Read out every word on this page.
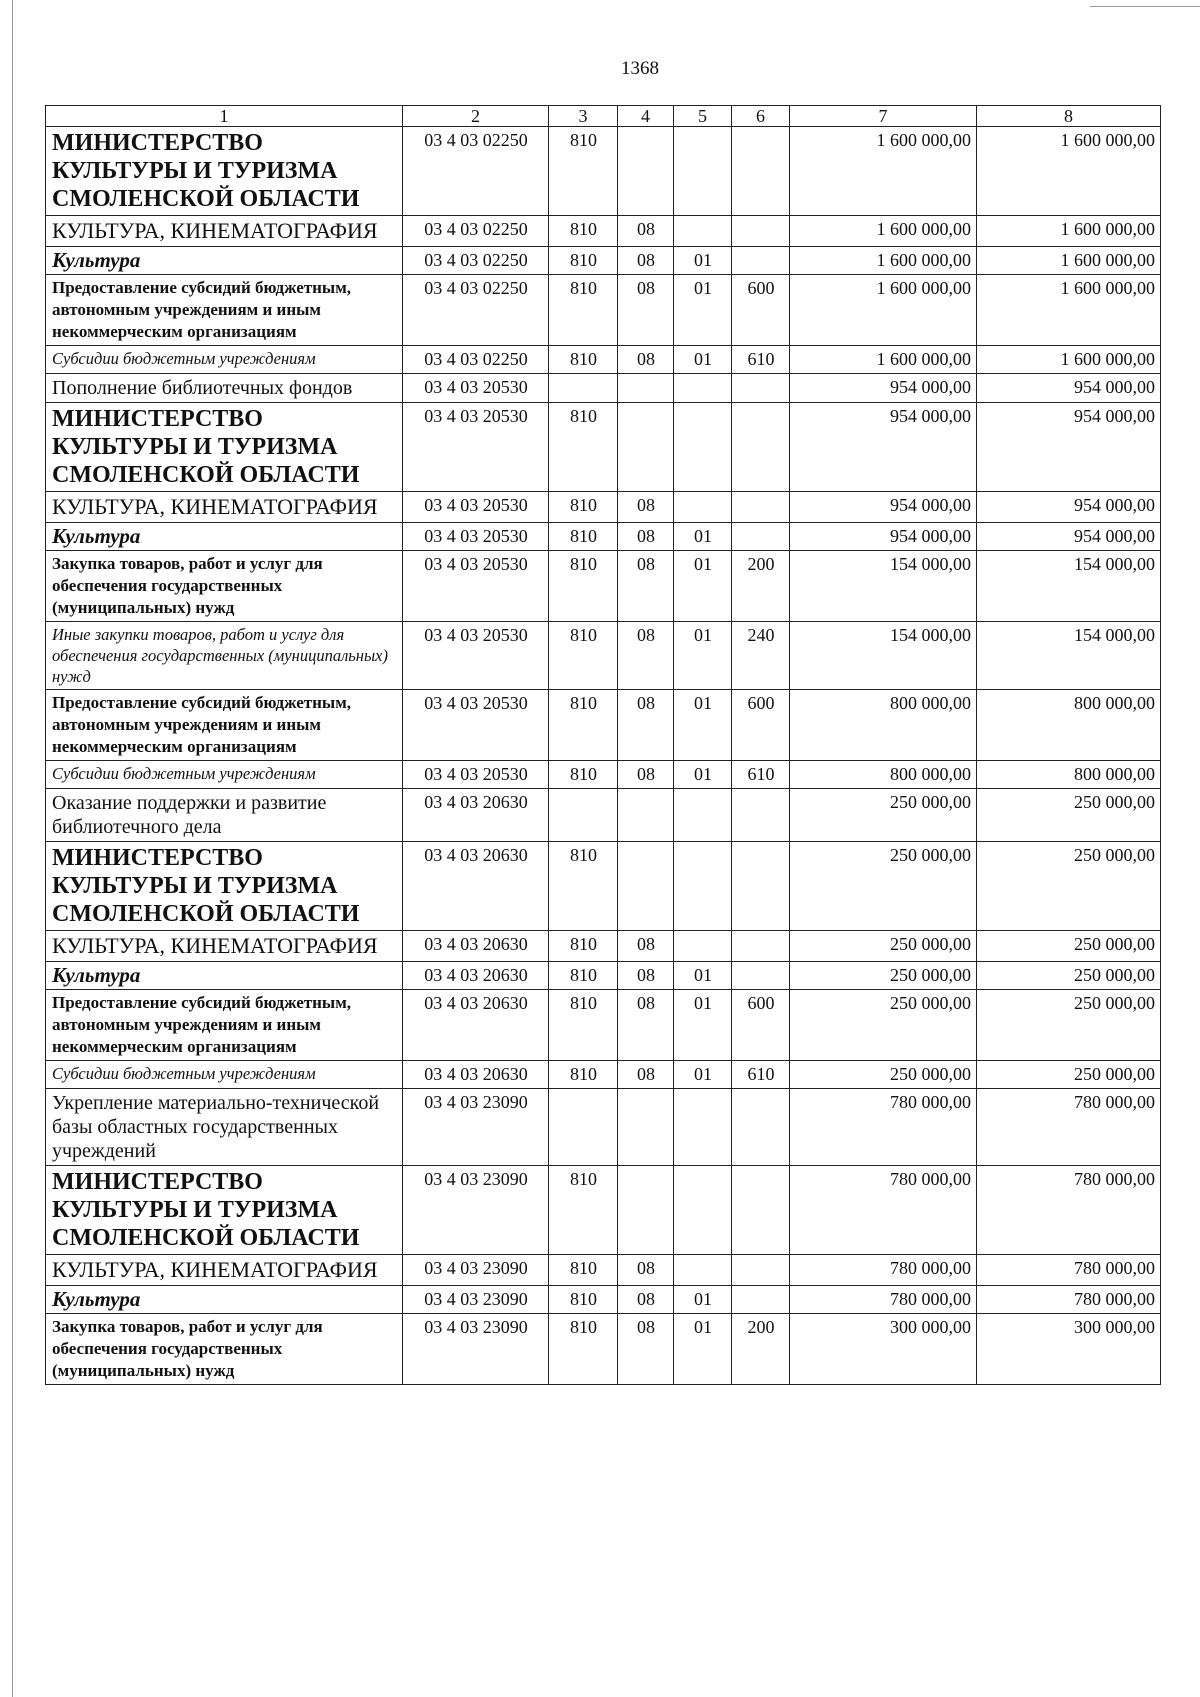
1368
1	2	3	4	5	6	7	8
МИНИСТЕРСТВО КУЛЬТУРЫ И ТУРИЗМА СМОЛЕНСКОЙ ОБЛАСТИ	03 4 03 02250	810				1 600 000,00	1 600 000,00
КУЛЬТУРА, КИНЕМАТОГРАФИЯ	03 4 03 02250	810	08			1 600 000,00	1 600 000,00
Культура	03 4 03 02250	810	08	01		1 600 000,00	1 600 000,00
Предоставление субсидий бюджетным, автономным учреждениям и иным некоммерческим организациям	03 4 03 02250	810	08	01	600	1 600 000,00	1 600 000,00
Субсидии бюджетным учреждениям	03 4 03 02250	810	08	01	610	1 600 000,00	1 600 000,00
Пополнение библиотечных фондов	03 4 03 20530					954 000,00	954 000,00
МИНИСТЕРСТВО КУЛЬТУРЫ И ТУРИЗМА СМОЛЕНСКОЙ ОБЛАСТИ	03 4 03 20530	810				954 000,00	954 000,00
КУЛЬТУРА, КИНЕМАТОГРАФИЯ	03 4 03 20530	810	08			954 000,00	954 000,00
Культура	03 4 03 20530	810	08	01		954 000,00	954 000,00
Закупка товаров, работ и услуг для обеспечения государственных (муниципальных) нужд	03 4 03 20530	810	08	01	200	154 000,00	154 000,00
Иные закупки товаров, работ и услуг для обеспечения государственных (муниципальных) нужд	03 4 03 20530	810	08	01	240	154 000,00	154 000,00
Предоставление субсидий бюджетным, автономным учреждениям и иным некоммерческим организациям	03 4 03 20530	810	08	01	600	800 000,00	800 000,00
Субсидии бюджетным учреждениям	03 4 03 20530	810	08	01	610	800 000,00	800 000,00
Оказание поддержки и развитие библиотечного дела	03 4 03 20630					250 000,00	250 000,00
МИНИСТЕРСТВО КУЛЬТУРЫ И ТУРИЗМА СМОЛЕНСКОЙ ОБЛАСТИ	03 4 03 20630	810				250 000,00	250 000,00
КУЛЬТУРА, КИНЕМАТОГРАФИЯ	03 4 03 20630	810	08			250 000,00	250 000,00
Культура	03 4 03 20630	810	08	01		250 000,00	250 000,00
Предоставление субсидий бюджетным, автономным учреждениям и иным некоммерческим организациям	03 4 03 20630	810	08	01	600	250 000,00	250 000,00
Субсидии бюджетным учреждениям	03 4 03 20630	810	08	01	610	250 000,00	250 000,00
Укрепление материально-технической базы областных государственных учреждений	03 4 03 23090					780 000,00	780 000,00
МИНИСТЕРСТВО КУЛЬТУРЫ И ТУРИЗМА СМОЛЕНСКОЙ ОБЛАСТИ	03 4 03 23090	810				780 000,00	780 000,00
КУЛЬТУРА, КИНЕМАТОГРАФИЯ	03 4 03 23090	810	08			780 000,00	780 000,00
Культура	03 4 03 23090	810	08	01		780 000,00	780 000,00
Закупка товаров, работ и услуг для обеспечения государственных (муниципальных) нужд	03 4 03 23090	810	08	01	200	300 000,00	300 000,00
